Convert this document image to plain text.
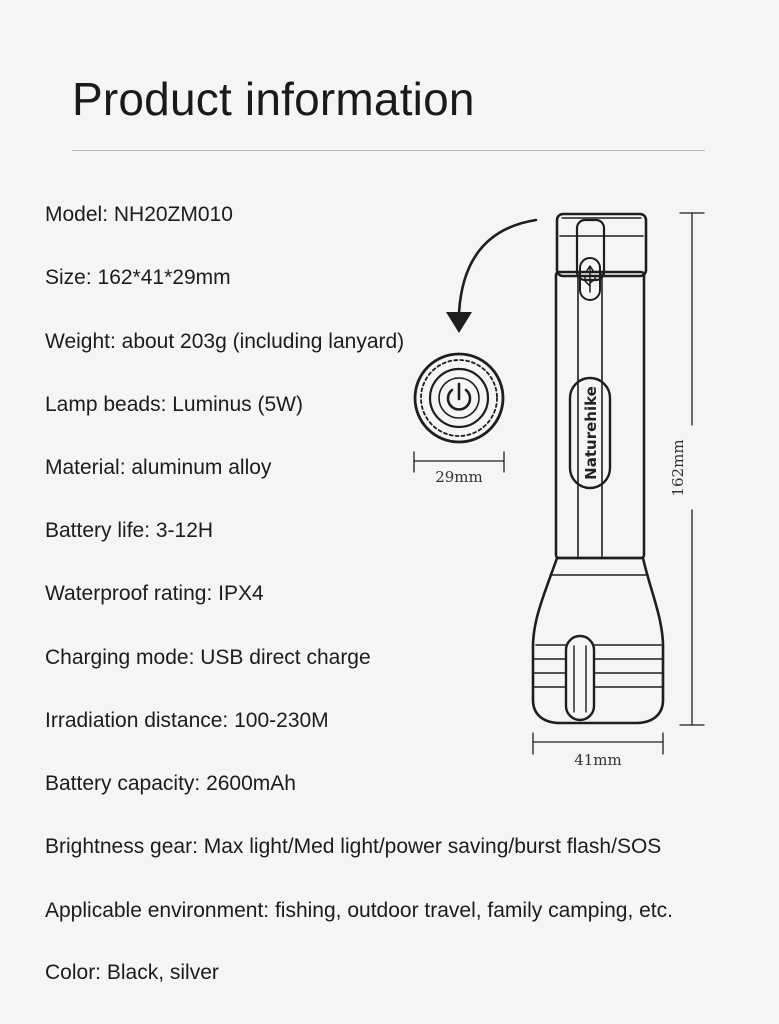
Product information

Model: NH20ZM010

Size: 162*41*29mm

Weight: about 203g (including lanyard)

Lamp beads: Luminus (5W)

Material: aluminum alloy

Battery life: 3-12H

Waterproof rating: IPX4

Charging mode: USB direct charge

Irradiation distance: 100-230M

Battery capacity: 2600mAh

Brightness gear: Max light/Med light/power saving/burst flash/SOS

Applicable environment: fishing, outdoor travel, family camping, etc.

Color: Black, silver

Naturehike
29mm	162mm
41mm
